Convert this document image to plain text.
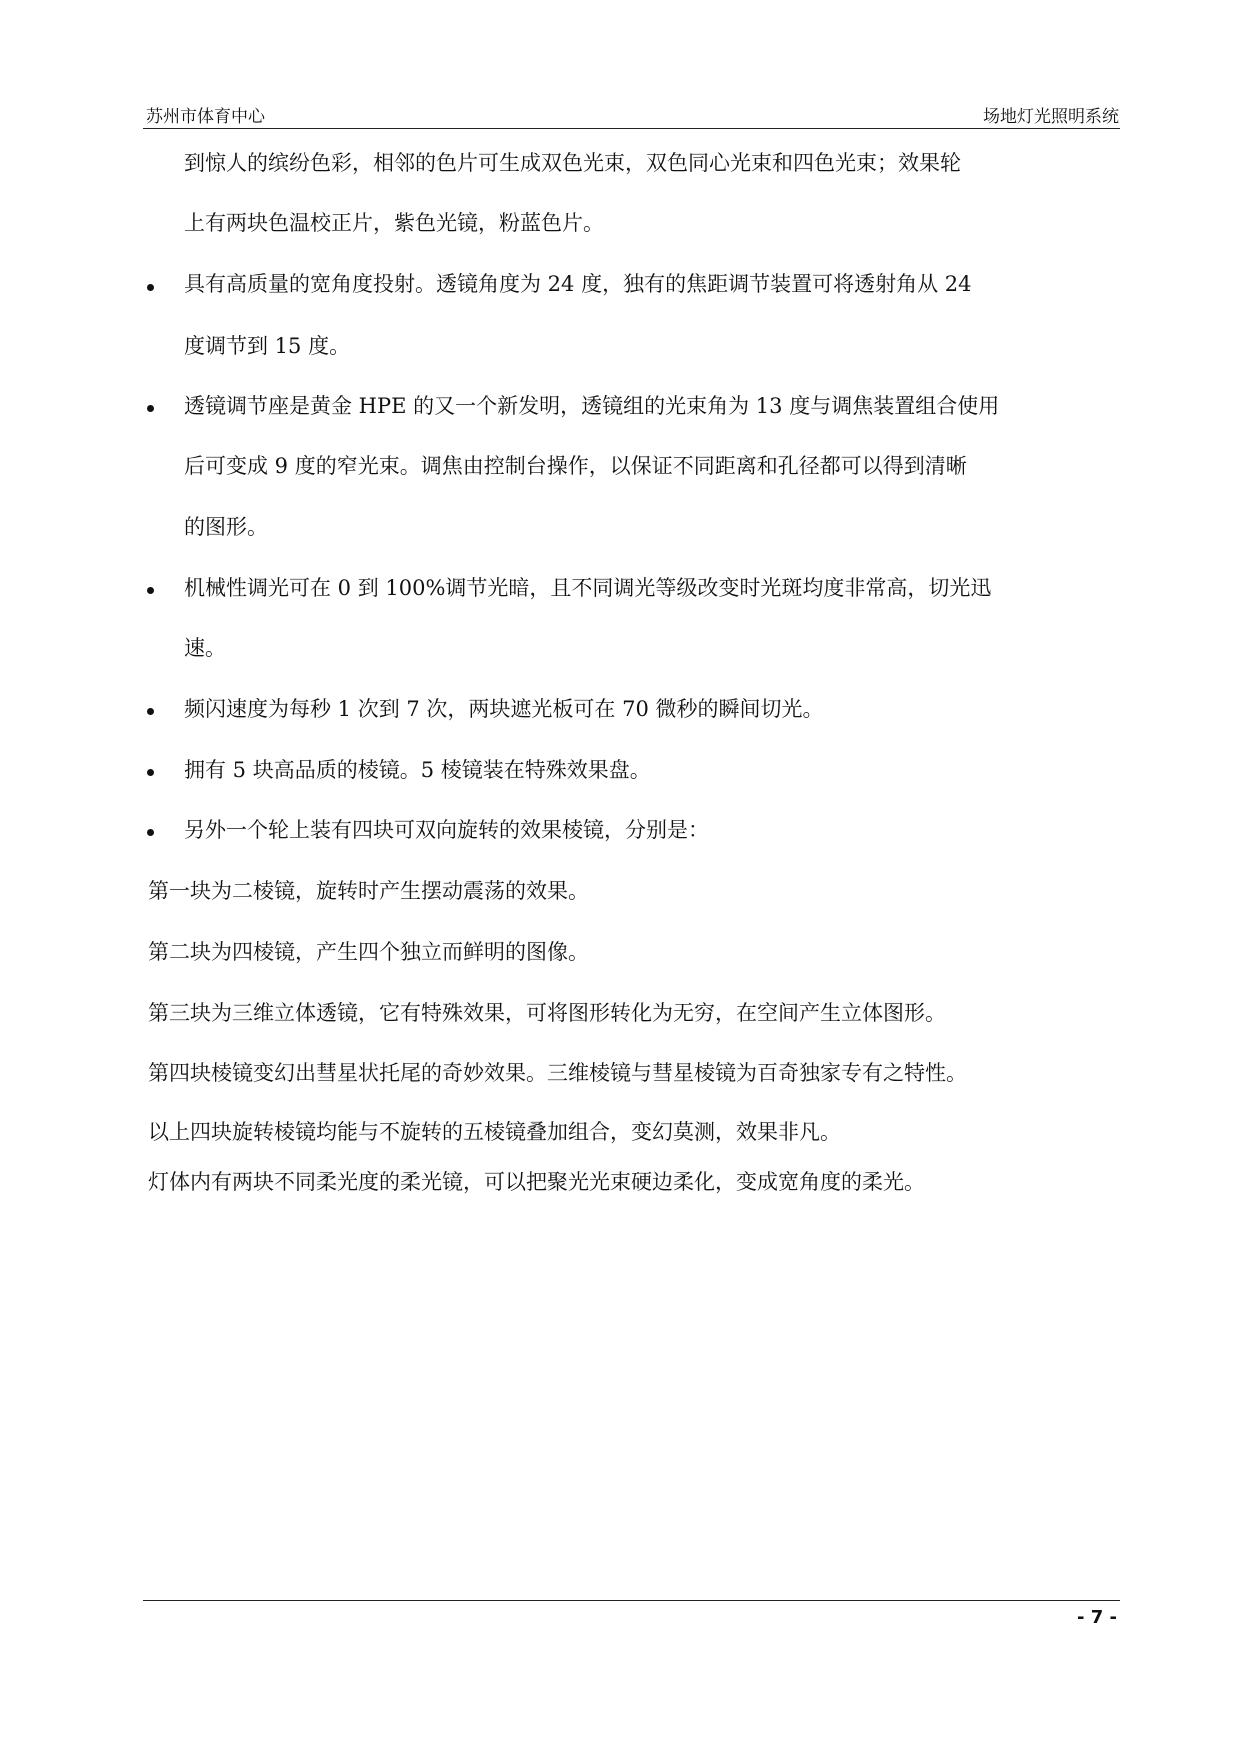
苏州市体育中心	场地灯光照明系统
到惊人的缤纷色彩，相邻的色片可生成双色光束，双色同心光束和四色光束；效果轮
上有两块色温校正片，紫色光镜，粉蓝色片。
具有高质量的宽角度投射。透镜角度为 24 度，独有的焦距调节装置可将透射角从 24
度调节到 15 度。
透镜调节座是黄金 HPE 的又一个新发明，透镜组的光束角为 13 度与调焦装置组合使用
后可变成 9 度的窄光束。调焦由控制台操作，以保证不同距离和孔径都可以得到清晰
的图形。
机械性调光可在 0 到 100%调节光暗，且不同调光等级改变时光斑均度非常高，切光迅
速。
频闪速度为每秒 1 次到 7 次，两块遮光板可在 70 微秒的瞬间切光。
拥有 5 块高品质的棱镜。5 棱镜装在特殊效果盘。
另外一个轮上装有四块可双向旋转的效果棱镜，分别是：
第一块为二棱镜，旋转时产生摆动震荡的效果。
第二块为四棱镜，产生四个独立而鲜明的图像。
第三块为三维立体透镜，它有特殊效果，可将图形转化为无穷，在空间产生立体图形。
第四块棱镜变幻出彗星状托尾的奇妙效果。三维棱镜与彗星棱镜为百奇独家专有之特性。
以上四块旋转棱镜均能与不旋转的五棱镜叠加组合，变幻莫测，效果非凡。
灯体内有两块不同柔光度的柔光镜，可以把聚光光束硬边柔化，变成宽角度的柔光。
- 7 -
